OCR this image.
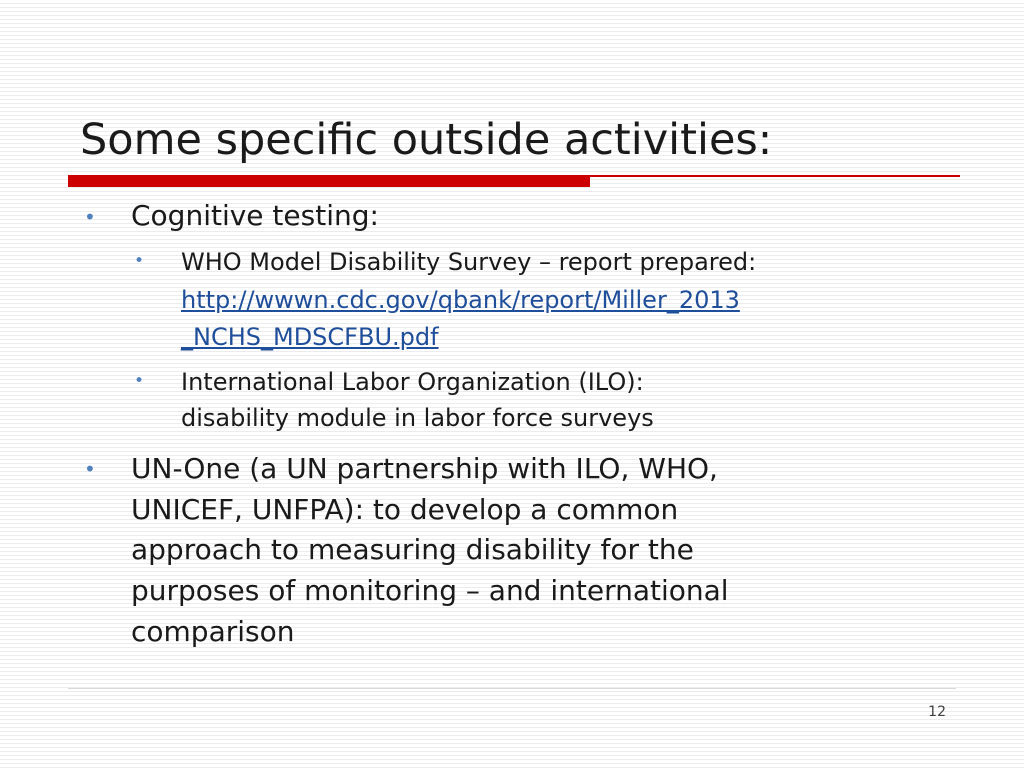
Some specific outside activities:
• Cognitive testing:
• WHO Model Disability Survey – report prepared:
http://wwwn.cdc.gov/qbank/report/Miller_2013
_NCHS_MDSCFBU.pdf
• International Labor Organization (ILO):
disability module in labor force surveys
• UN-One (a UN partnership with ILO, WHO,
UNICEF, UNFPA): to develop a common
approach to measuring disability for the
purposes of monitoring – and international
comparison
12
